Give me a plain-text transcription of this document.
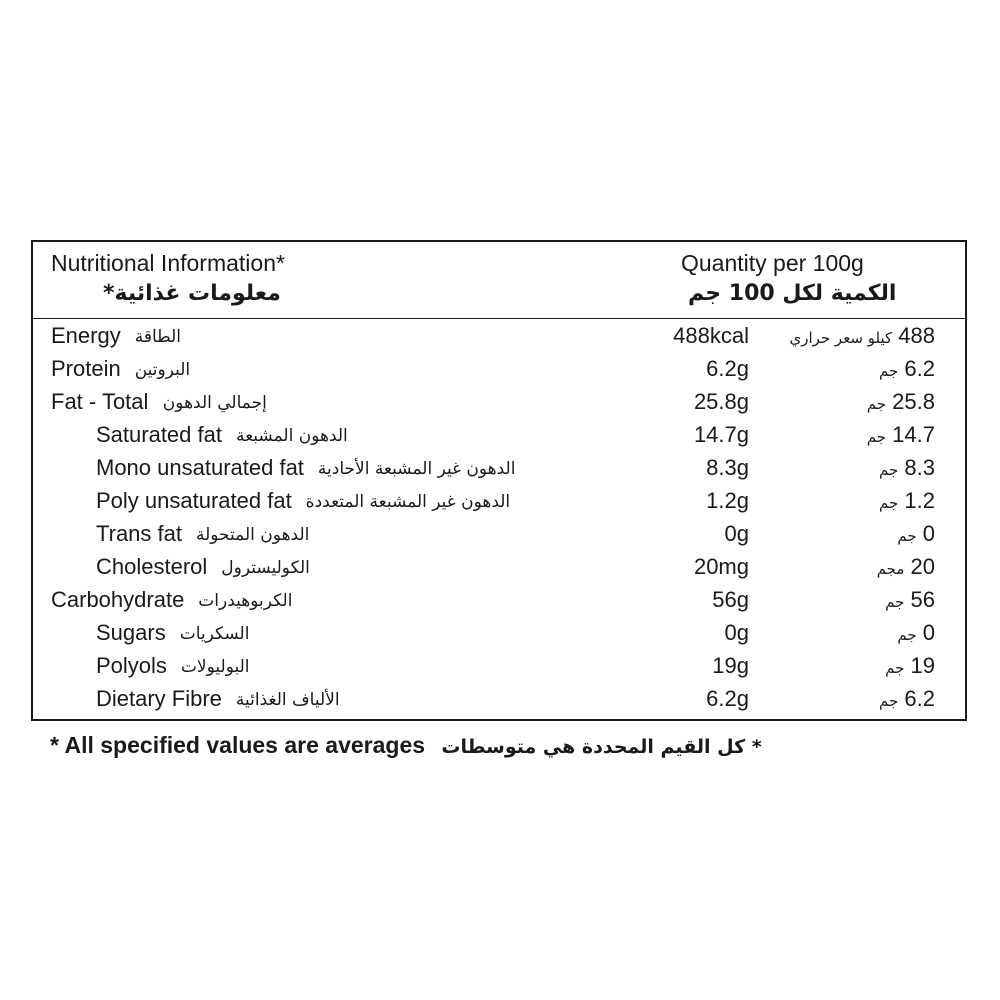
Nutritional Information*
معلومات غذائية*
Quantity per 100g
الكمية لكل 100 جم
Energy الطاقة	488kcal	488 كيلو سعر حراري
Protein البروتين	6.2g	6.2 جم
Fat - Total إجمالي الدهون	25.8g	25.8 جم
Saturated fat الدهون المشبعة	14.7g	14.7 جم
Mono unsaturated fat الدهون غير المشبعة الأحادية	8.3g	8.3 جم
Poly unsaturated fat الدهون غير المشبعة المتعددة	1.2g	1.2 جم
Trans fat الدهون المتحولة	0g	0 جم
Cholesterol الكوليسترول	20mg	20 مجم
Carbohydrate الكربوهيدرات	56g	56 جم
Sugars السكريات	0g	0 جم
Polyols البوليولات	19g	19 جم
Dietary Fibre الألياف الغذائية	6.2g	6.2 جم
* All specified values are averages * كل القيم المحددة هي متوسطات
